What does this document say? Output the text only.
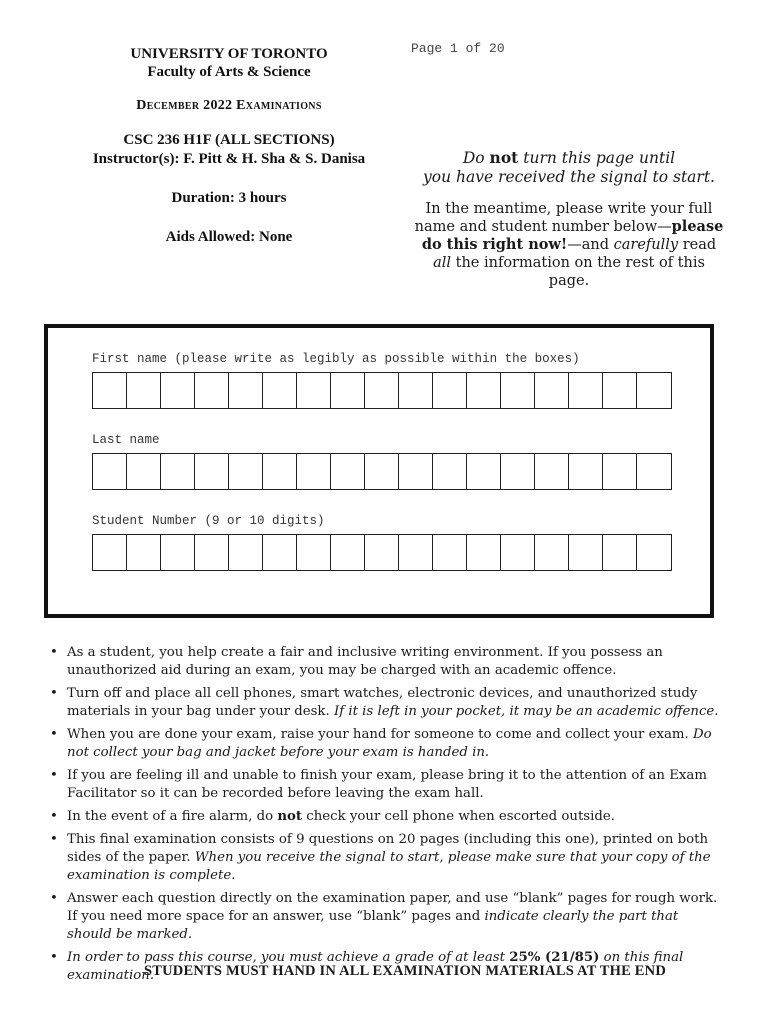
Page 1 of 20
UNIVERSITY OF TORONTO
Faculty of Arts & Science
December 2022 Examinations
CSC 236 H1F (ALL SECTIONS)
Instructor(s): F. Pitt & H. Sha & S. Danisa
Duration: 3 hours
Aids Allowed: None
Do not turn this page until
you have received the signal to start.
In the meantime, please write your full name and student number below—please do this right now!—and carefully read all the information on the rest of this page.
First name (please write as legibly as possible within the boxes)
Last name
Student Number (9 or 10 digits)
• As a student, you help create a fair and inclusive writing environment. If you possess an unauthorized aid during an exam, you may be charged with an academic offence.
• Turn off and place all cell phones, smart watches, electronic devices, and unauthorized study materials in your bag under your desk. If it is left in your pocket, it may be an academic offence.
• When you are done your exam, raise your hand for someone to come and collect your exam. Do not collect your bag and jacket before your exam is handed in.
• If you are feeling ill and unable to finish your exam, please bring it to the attention of an Exam Facilitator so it can be recorded before leaving the exam hall.
• In the event of a fire alarm, do not check your cell phone when escorted outside.
• This final examination consists of 9 questions on 20 pages (including this one), printed on both sides of the paper. When you receive the signal to start, please make sure that your copy of the examination is complete.
• Answer each question directly on the examination paper, and use “blank” pages for rough work. If you need more space for an answer, use “blank” pages and indicate clearly the part that should be marked.
• In order to pass this course, you must achieve a grade of at least 25% (21/85) on this final examination.
STUDENTS MUST HAND IN ALL EXAMINATION MATERIALS AT THE END
